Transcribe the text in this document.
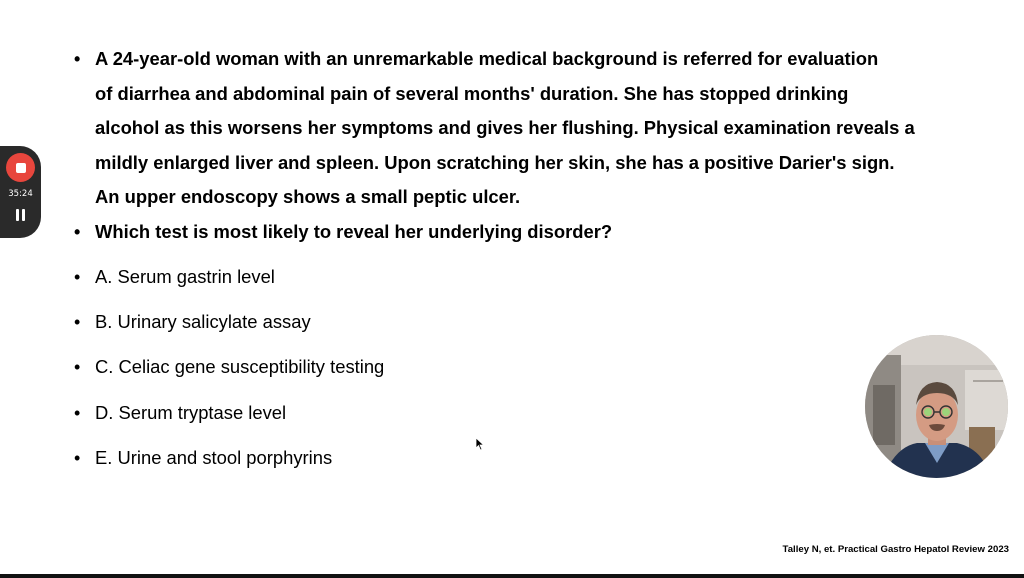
• A 24-year-old woman with an unremarkable medical background is referred for evaluation
of diarrhea and abdominal pain of several months' duration. She has stopped drinking
alcohol as this worsens her symptoms and gives her flushing. Physical examination reveals a
mildly enlarged liver and spleen. Upon scratching her skin, she has a positive Darier's sign.
An upper endoscopy shows a small peptic ulcer.
• Which test is most likely to reveal her underlying disorder?
• A. Serum gastrin level
• B. Urinary salicylate assay
• C. Celiac gene susceptibility testing
• D. Serum tryptase level
• E. Urine and stool porphyrins
Talley N, et. Practical Gastro Hepatol Review 2023
35:24
